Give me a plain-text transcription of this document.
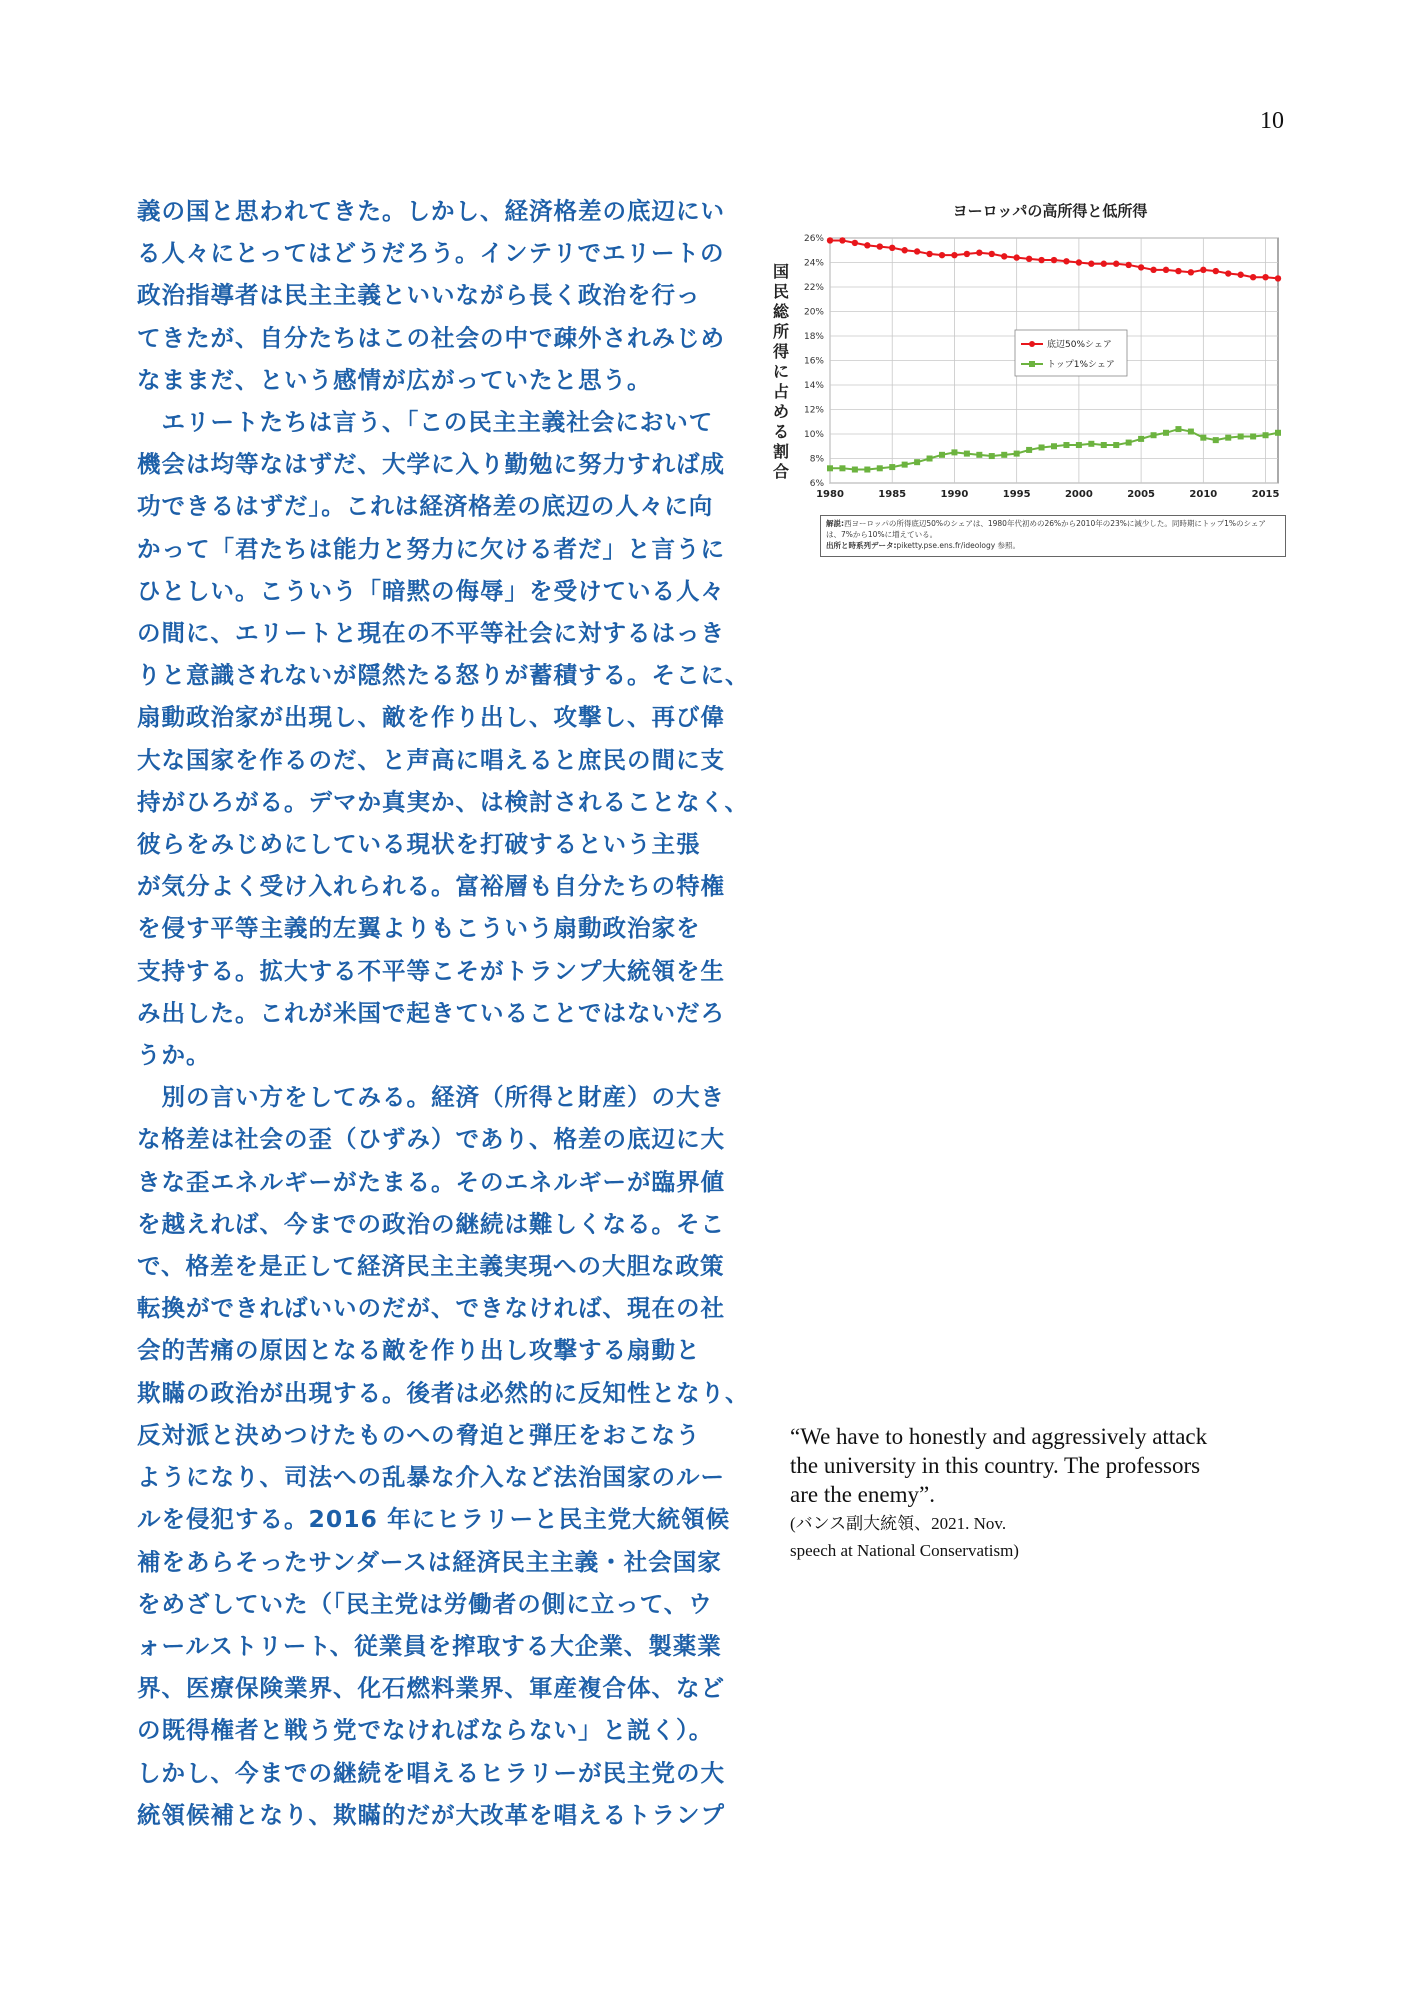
10
義の国と思われてきた。しかし、経済格差の底辺にい
る人々にとってはどうだろう。インテリでエリートの
政治指導者は民主主義といいながら長く政治を行っ
てきたが、自分たちはこの社会の中で疎外されみじめ
なままだ、という感情が広がっていたと思う。
　エリートたちは言う、「この民主主義社会において
機会は均等なはずだ、大学に入り勤勉に努力すれば成
功できるはずだ」。これは経済格差の底辺の人々に向
かって「君たちは能力と努力に欠ける者だ」と言うに
ひとしい。こういう「暗黙の侮辱」を受けている人々
の間に、エリートと現在の不平等社会に対するはっき
りと意識されないが隠然たる怒りが蓄積する。そこに、
扇動政治家が出現し、敵を作り出し、攻撃し、再び偉
大な国家を作るのだ、と声高に唱えると庶民の間に支
持がひろがる。デマか真実か、は検討されることなく、
彼らをみじめにしている現状を打破するという主張
が気分よく受け入れられる。富裕層も自分たちの特権
を侵す平等主義的左翼よりもこういう扇動政治家を
支持する。拡大する不平等こそがトランプ大統領を生
み出した。これが米国で起きていることではないだろ
うか。
　別の言い方をしてみる。経済（所得と財産）の大き
な格差は社会の歪（ひずみ）であり、格差の底辺に大
きな歪エネルギーがたまる。そのエネルギーが臨界値
を越えれば、今までの政治の継続は難しくなる。そこ
で、格差を是正して経済民主主義実現への大胆な政策
転換ができればいいのだが、できなければ、現在の社
会的苦痛の原因となる敵を作り出し攻撃する扇動と
欺瞞の政治が出現する。後者は必然的に反知性となり、
反対派と決めつけたものへの脅迫と弾圧をおこなう
ようになり、司法への乱暴な介入など法治国家のルー
ルを侵犯する。2016 年にヒラリーと民主党大統領候
補をあらそったサンダースは経済民主主義・社会国家
をめざしていた（「民主党は労働者の側に立って、ウ
ォールストリート、従業員を搾取する大企業、製薬業
界、医療保険業界、化石燃料業界、軍産複合体、など
の既得権者と戦う党でなければならない」と説く）。
しかし、今までの継続を唱えるヒラリーが民主党の大
統領候補となり、欺瞞的だが大改革を唱えるトランプ
ヨーロッパの高所得と低所得
国民総所得に占める割合
6%
8%
10%
12%
14%
16%
18%
20%
22%
24%
26%
1980	1985	1990	1995	2000	2005	2010	2015
底辺50%シェア
トップ1%シェア
解説:西ヨーロッパの所得底辺50%のシェアは、1980年代初めの26%から2010年の23%に減少した。同時期にトップ1%のシェアは、7%から10%に増えている。
出所と時系列データ:piketty.pse.ens.fr/ideology 参照。
“We have to honestly and aggressively attack the university in this country. The professors are the enemy”.
(バンス副大統領、2021. Nov.
speech at National Conservatism)
